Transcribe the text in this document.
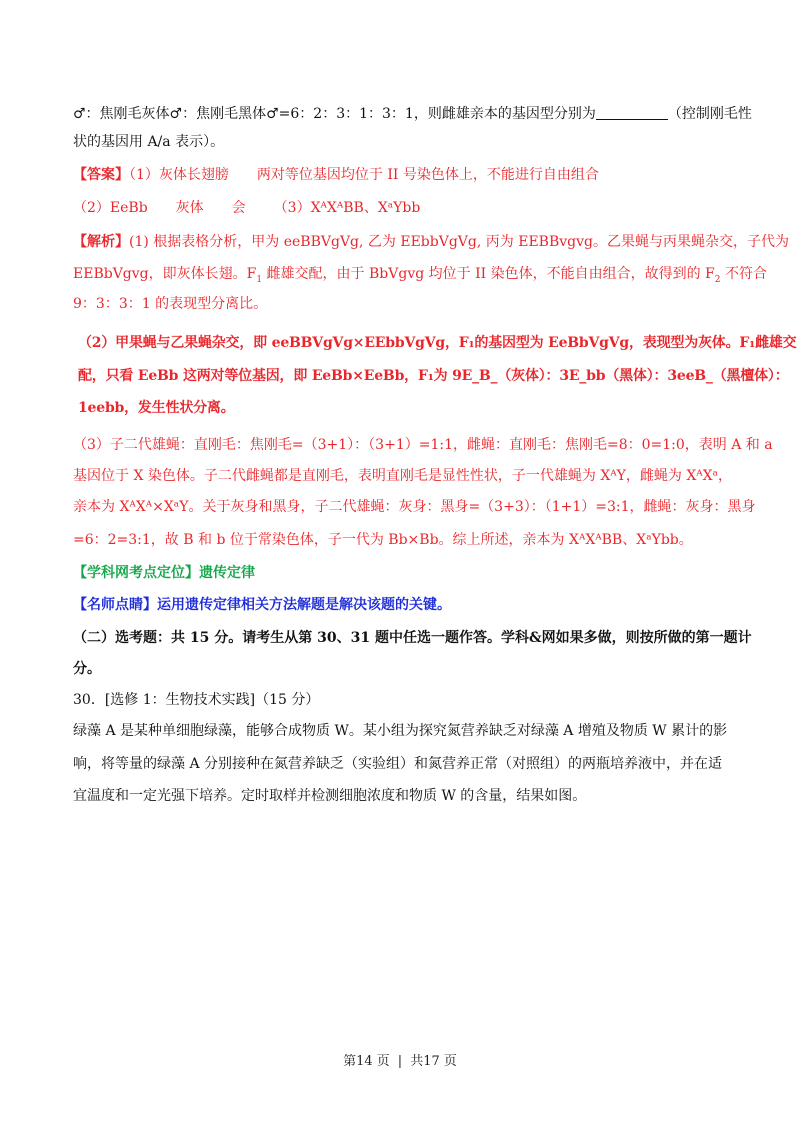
♂：焦刚毛灰体♂：焦刚毛黑体♂=6：2：3：1：3：1，则雌雄亲本的基因型分别为	（控制刚毛性
状的基因用 A/a 表示）。
【答案】（1）灰体长翅膀 两对等位基因均位于 II 号染色体上，不能进行自由组合
（2）EeBb 灰体 会 （3）XᴬXᴬBB、XᵃYbb
【解析】(1) 根据表格分析，甲为 eeBBVgVg, 乙为 EEbbVgVg, 丙为 EEBBvgvg。乙果蝇与丙果蝇杂交，子代为
EEBbVgvg，即灰体长翅。$F_1$ 雌雄交配，由于 BbVgvg 均位于 II 染色体，不能自由组合，故得到的 $F_2$ 不符合
9：3：3：1 的表现型分离比。
（2）甲果蝇与乙果蝇杂交，即 eeBBVgVg×EEbbVgVg，F₁的基因型为 EeBbVgVg，表现型为灰体。F₁雌雄交
配，只看 EeBb 这两对等位基因，即 EeBb×EeBb，F₁为 9E_B_（灰体）：3E_bb（黑体）：3eeB_（黑檀体）：
1eebb，发生性状分离。
（3）子二代雄蝇：直刚毛：焦刚毛=（3+1）：（3+1）=1:1，雌蝇：直刚毛：焦刚毛=8：0=1:0，表明 A 和 a
基因位于 X 染色体。子二代雌蝇都是直刚毛，表明直刚毛是显性性状，子一代雄蝇为 XᴬY，雌蝇为 XᴬXᵃ，
亲本为 XᴬXᴬ×XᵃY。关于灰身和黑身，子二代雄蝇：灰身：黑身=（3+3）：（1+1）=3:1，雌蝇：灰身：黑身
=6：2=3:1，故 B 和 b 位于常染色体，子一代为 Bb×Bb。综上所述，亲本为 XᴬXᴬBB、XᵃYbb。
【学科网考点定位】遗传定律
【名师点睛】运用遗传定律相关方法解题是解决该题的关键。
（二）选考题：共 15 分。请考生从第 30、31 题中任选一题作答。学科&网如果多做，则按所做的第一题计
分。
30．[选修 1：生物技术实践]（15 分）
绿藻 A 是某种单细胞绿藻，能够合成物质 W。某小组为探究氮营养缺乏对绿藻 A 增殖及物质 W 累计的影
响，将等量的绿藻 A 分别接种在氮营养缺乏（实验组）和氮营养正常（对照组）的两瓶培养液中，并在适
宜温度和一定光强下培养。定时取样并检测细胞浓度和物质 W 的含量，结果如图。
第14 页 | 共17 页
